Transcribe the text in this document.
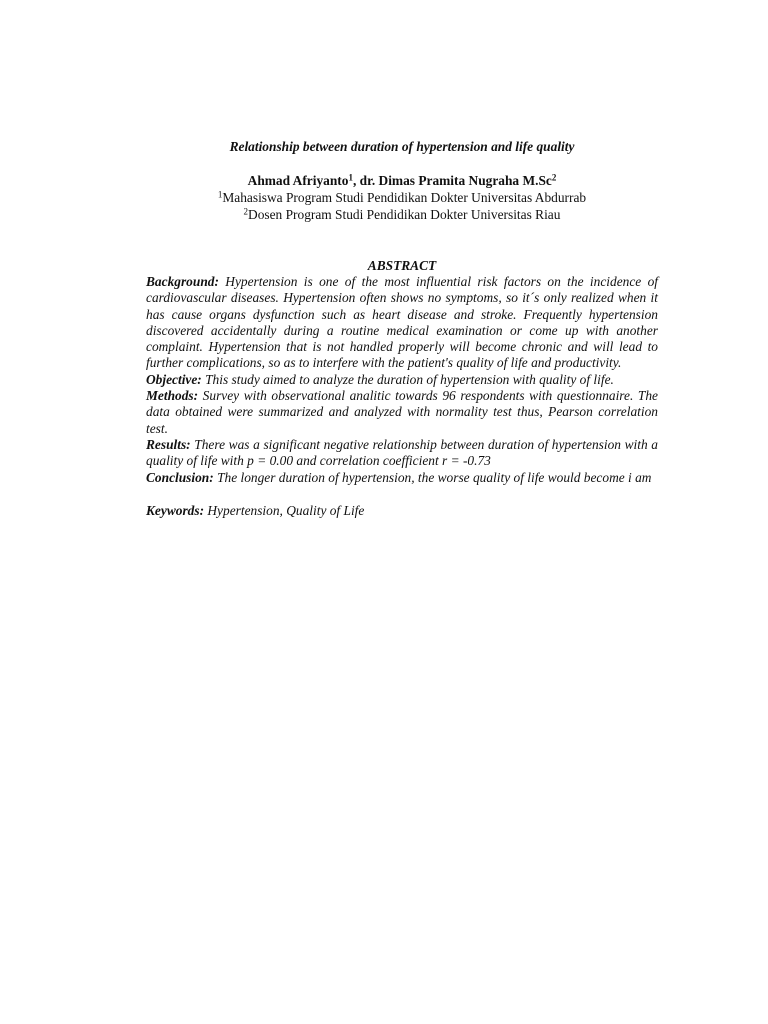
Relationship between duration of hypertension and life quality

Ahmad Afriyanto$^1$, dr. Dimas Pramita Nugraha M.Sc$^2$

$^1$Mahasiswa Program Studi Pendidikan Dokter Universitas Abdurrab

$^2$Dosen Program Studi Pendidikan Dokter Universitas Riau

ABSTRACT

Background: Hypertension is one of the most influential risk factors on the incidence of cardiovascular diseases. Hypertension often shows no symptoms, so it´s only realized when it has cause organs dysfunction such as heart disease and stroke. Frequently hypertension discovered accidentally during a routine medical examination or come up with another complaint. Hypertension that is not handled properly will become chronic and will lead to further complications, so as to interfere with the patient's quality of life and productivity.

Objective: This study aimed to analyze the duration of hypertension with quality of life.

Methods: Survey with observational analitic towards 96 respondents with questionnaire. The data obtained were summarized and analyzed with normality test thus, Pearson correlation test.

Results: There was a significant negative relationship between duration of hypertension with a quality of life with p = 0.00 and correlation coefficient r = -0.73

Conclusion: The longer duration of hypertension, the worse quality of life would become i am

Keywords: Hypertension, Quality of Life
